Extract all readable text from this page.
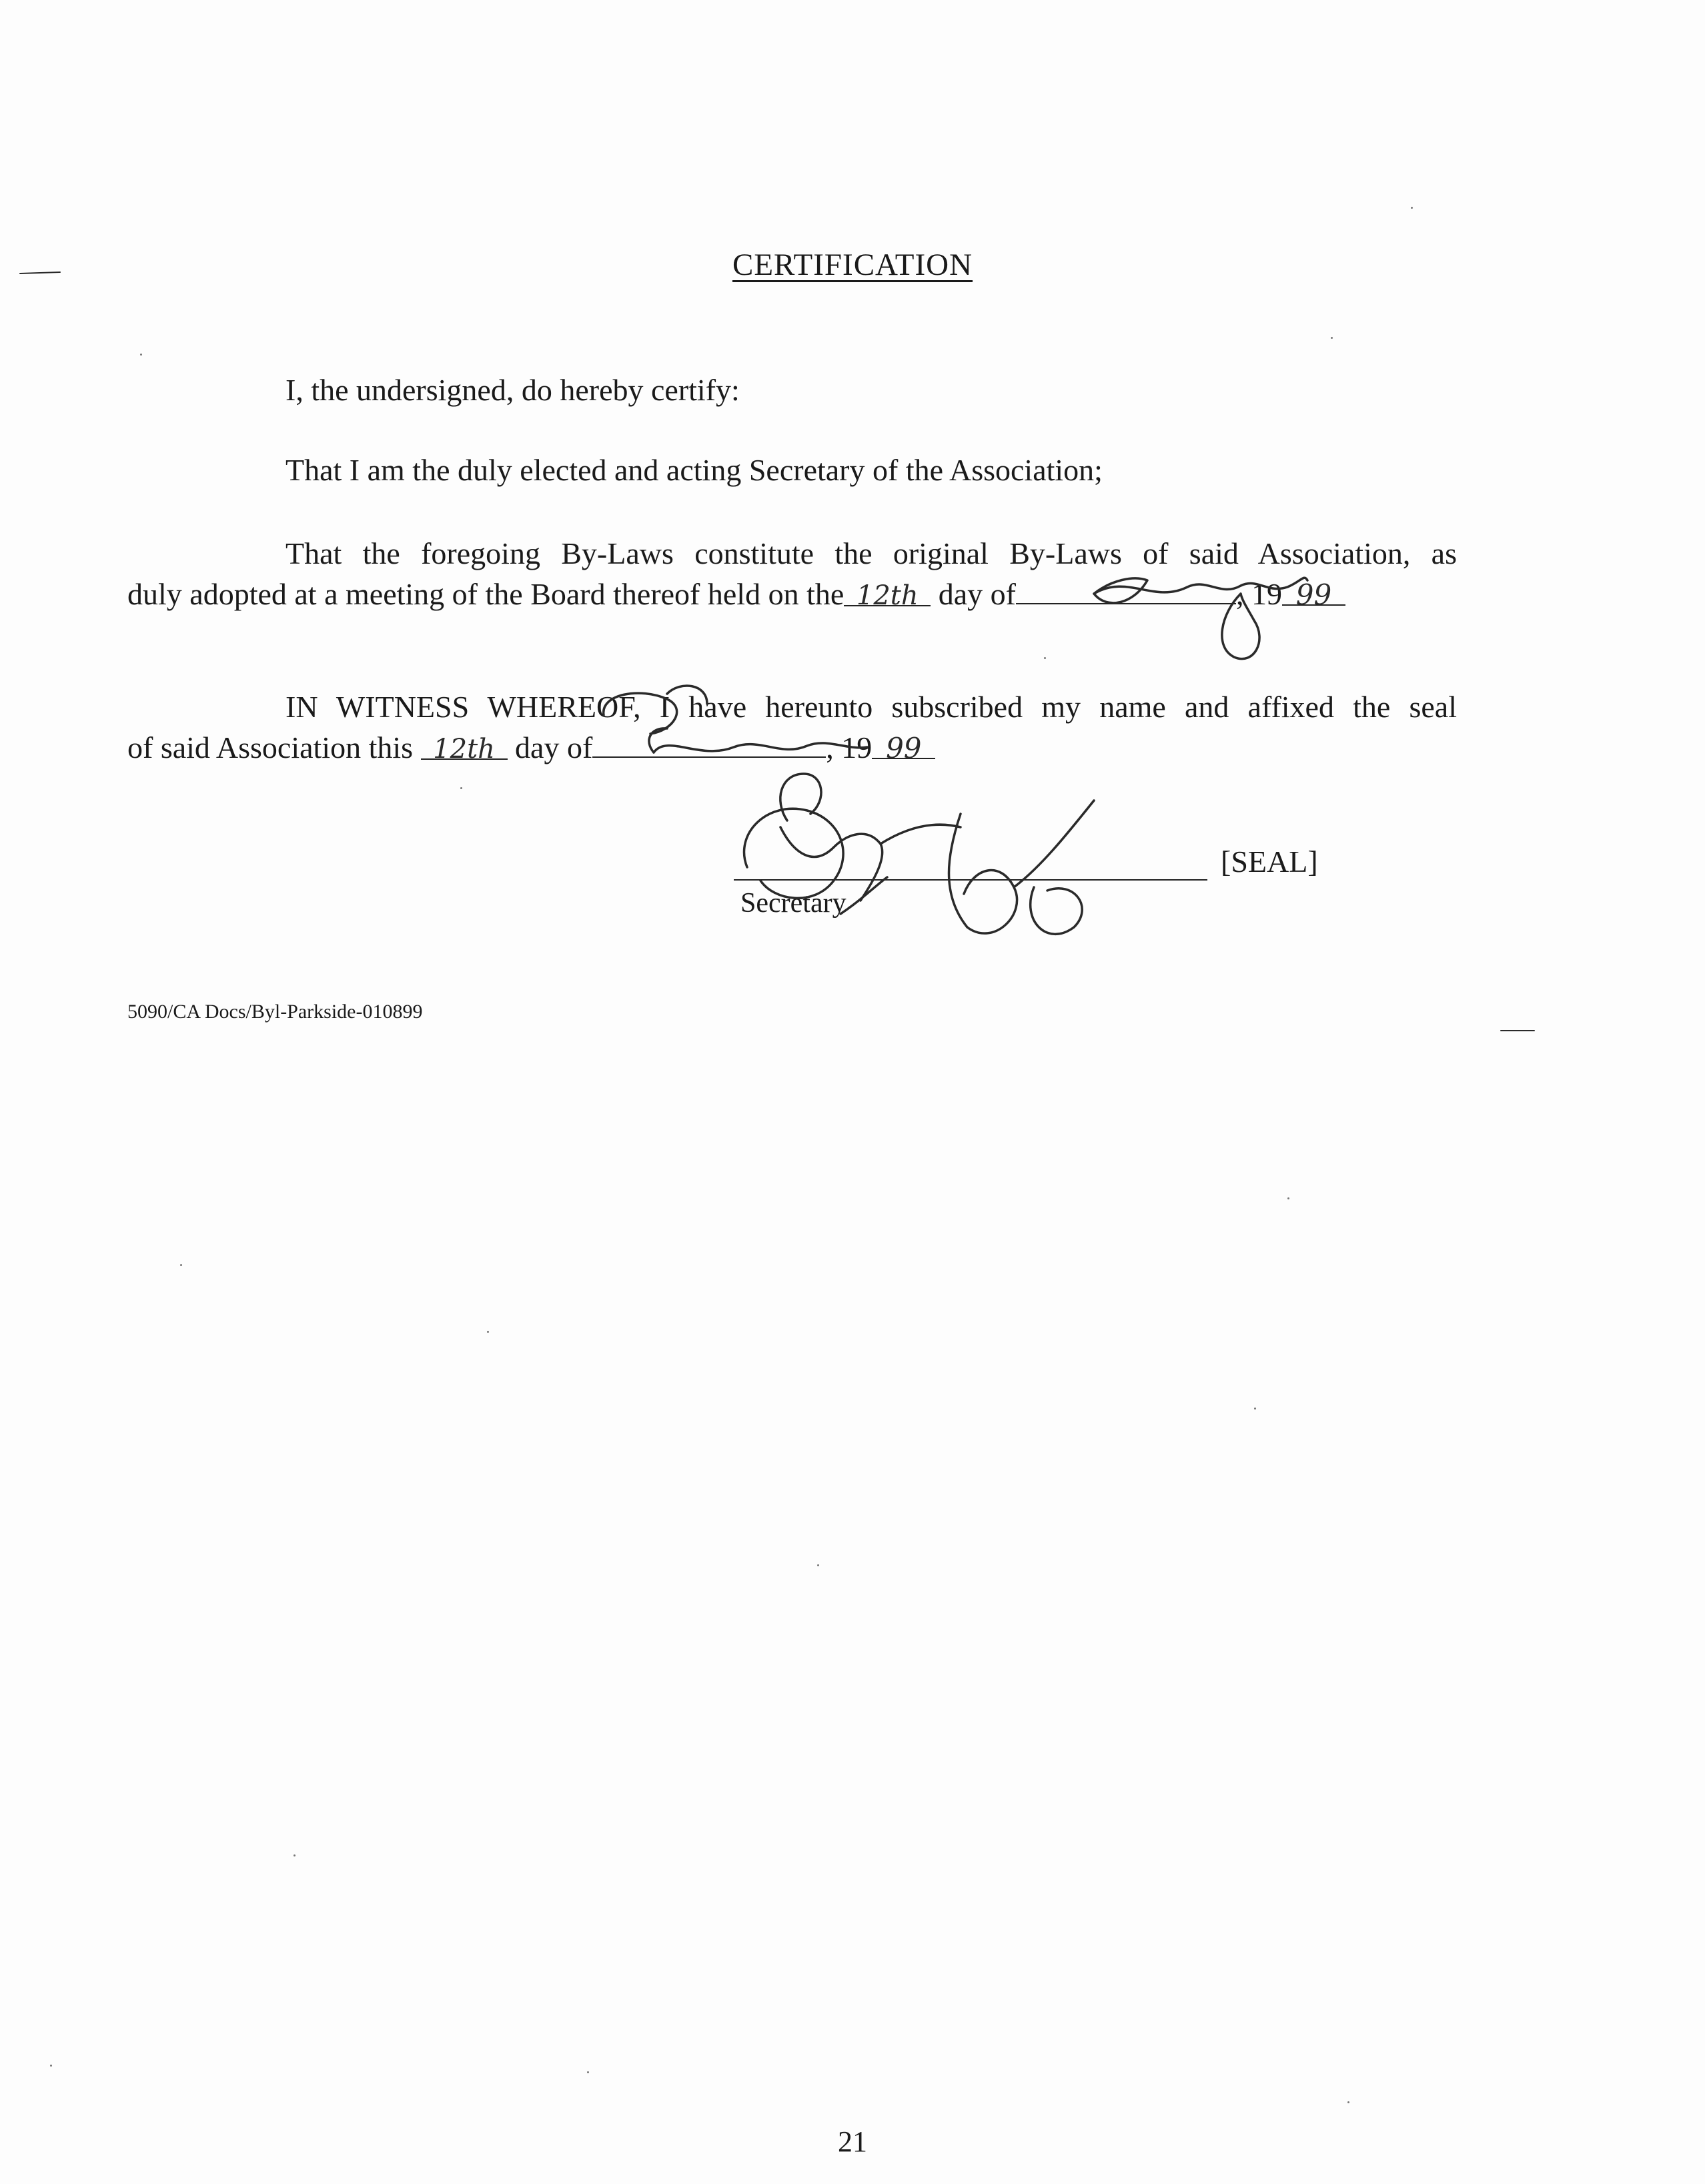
CERTIFICATION
I, the undersigned, do hereby certify:
That I am the duly elected and acting Secretary of the Association;
That the foregoing By-Laws constitute the original By-Laws of said Association, as
duly adopted at a meeting of the Board thereof held on the 12th day of	, 19 99
IN WITNESS WHEREOF, I have hereunto subscribed my name and affixed the seal
of said Association this 12th day of	, 19 99
[SEAL]
Secretary
5090/CA Docs/Byl-Parkside-010899
21
